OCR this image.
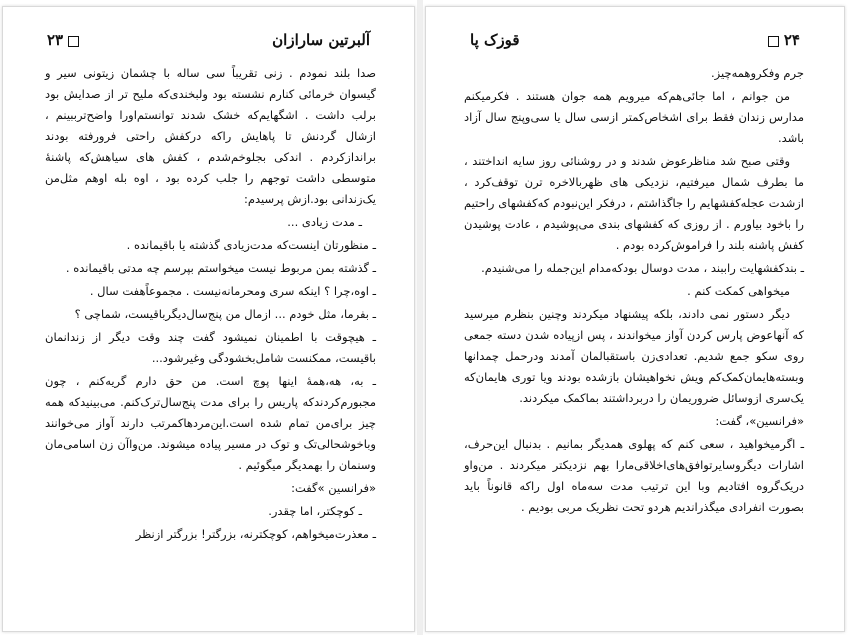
آلبرتین سارازان
۲۳

صدا بلند نمودم . زنی تقریباً سی ساله با چشمان زیتونی سیر و گیسوان خرمائی کنارم نشسته بود ولبخندی‌که ملیح تر از صدایش بود برلب داشت . اشگهایم‌که خشک شدند توانستم‌اورا واضح‌تر‌ببینم ، ازشال گردنش تا پاهایش راکه درکفش راحتی فرورفته بودند برانداز‌کردم . اندکی بجلوخم‌شدم ، کفش های سیاهش‌که پاشنهٔ متوسطی داشت توجهم را جلب کرده بود ، اوه بله اوهم مثل‌من یک‌زندانی بود.ازش پرسیدم:

ـ مدت زیادی ...

ـ منظورتان اینست‌که مدت‌زیادی گذشته یا باقیمانده .

ـ گذشته بمن مربوط نیست میخواستم بپرسم چه مدتی باقیمانده .

ـ اوه،چرا ؟ اینکه سری ومحرمانه‌نیست . مجموعاًهفت سال .

ـ بفرما، مثل خودم ... ازمال من پنج‌سال‌دیگرباقیست، شماچی ؟

ـ هیچوقت با اطمینان نمیشود گفت چند وقت دیگر از زندانمان باقیست، ممکنست شامل‌بخشودگی وغیرشود...

ـ به، هه،همهٔ اینها پوچ است. من حق دارم گریه‌کنم ، چون مجبورم‌کردندکه پاریس را برای مدت پنج‌سال‌ترک‌کنم. می‌بینیدکه همه چیز برای‌من تمام شده است.این‌مردهاکمرتب دارند آواز می‌خوانند وباخوشحالی‌تک و توک در مسیر پیاده میشوند. من‌واآن زن اسامی‌مان وسنمان را بهمدیگر میگوئیم .

«فرانسین »گفت:

ـ کوچکتر، اما چقدر.

ـ معذرت‌میخواهم، کوچکترنه، بزرگتر! بزرگتر ازنظر

۲۴
قوزک پا

جرم وفکروهمه‌چیز.

من جوانم ، اما جائی‌هم‌که میرویم همه جوان هستند . فکرمیکنم مدارس زندان فقط برای اشخاص‌کمتر ازسی سال یا سی‌وپنج سال آزاد باشد.

وقتی صبح شد مناظرعوض شدند و در روشنائی روز سایه انداختند ، ما بطرف شمال میرفتیم، نزدیکی های ظهربالاخره ترن توقف‌کرد ، ازشدت عجله‌کفشهایم را جاگذاشتم ، درفکر این‌نبودم که‌کفشهای راحتیم را باخود بیاورم . از روزی که کفشهای بندی می‌پوشیدم ، عادت پوشیدن کفش پاشنه بلند را فراموش‌کرده بودم .

ـ بندکفشهایت راببند ، مدت دوسال بودکه‌مدام این‌جمله را می‌شنیدم.

میخواهی کمکت کنم .

دیگر دستور نمی دادند، بلکه پیشنهاد میکردند وچنین بنظرم میرسید که آنهاعوض پارس کردن آواز میخواندند ، پس ازپیاده شدن دسته جمعی روی سکو جمع شدیم. تعدادی‌زن باستقبالمان آمدند ودرحمل چمدانها وبسته‌هایمان‌کمک‌کم ویش نخواهیشان بازشده بودند ویا توری هایمان‌که یک‌سری ازوسائل ضروریمان را دربرداشتند بما‌کمک میکردند.

«فرانسین»، گفت:

ـ اگرمیخواهید ، سعی کنم که پهلوی همدیگر بمانیم . بدنبال این‌حرف، اشارات دیگروسایرتوافق‌های‌اخلاقی‌مارا بهم نزدیکتر میکردند . من‌واو دریک‌گروه افتادیم وبا این ترتیب مدت سه‌ماه اول راکه قانوناً باید بصورت انفرادی میگذراندیم هردو تحت نظریک مربی بودیم .
